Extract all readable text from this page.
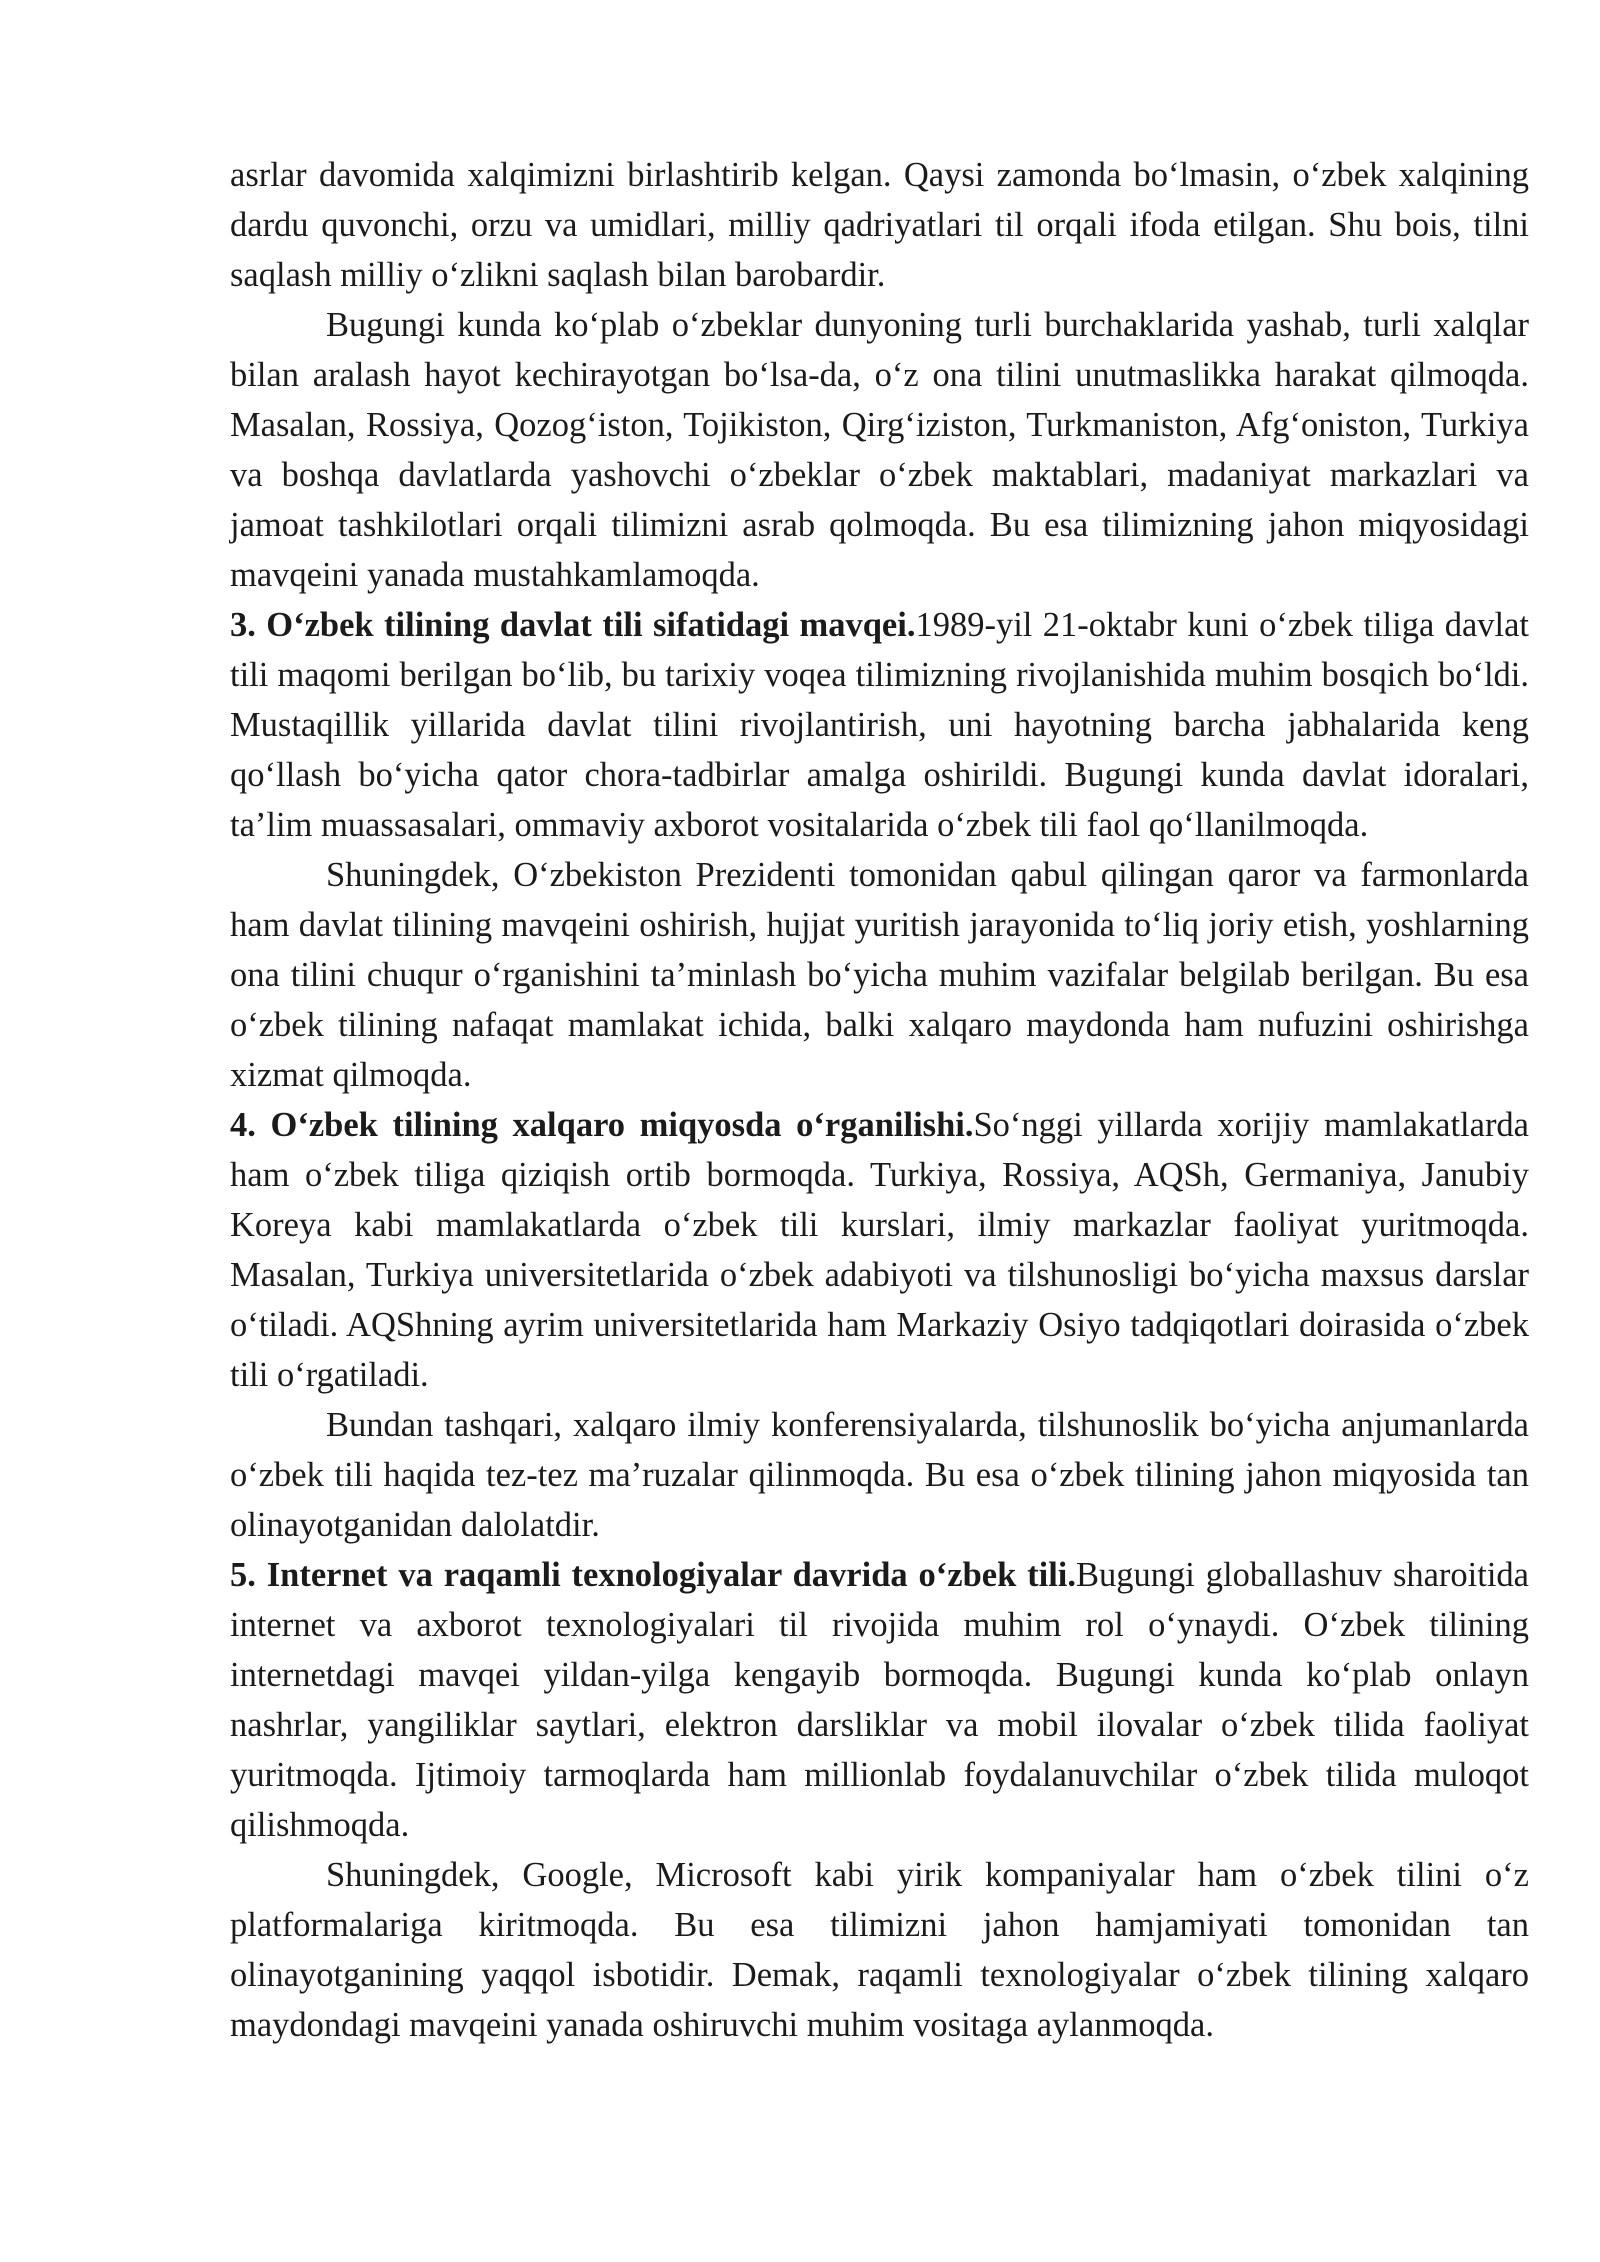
asrlar davomida xalqimizni birlashtirib kelgan. Qaysi zamonda boʻlmasin, oʻzbek xalqining dardu quvonchi, orzu va umidlari, milliy qadriyatlari til orqali ifoda etilgan. Shu bois, tilni saqlash milliy oʻzlikni saqlash bilan barobardir.

Bugungi kunda koʻplab oʻzbeklar dunyoning turli burchaklarida yashab, turli xalqlar bilan aralash hayot kechirayotgan boʻlsa-da, oʻz ona tilini unutmaslikka harakat qilmoqda. Masalan, Rossiya, Qozogʻiston, Tojikiston, Qirgʻiziston, Turkmaniston, Afgʻoniston, Turkiya va boshqa davlatlarda yashovchi oʻzbeklar oʻzbek maktablari, madaniyat markazlari va jamoat tashkilotlari orqali tilimizni asrab qolmoqda. Bu esa tilimizning jahon miqyosidagi mavqeini yanada mustahkamlamoqda.

3. Oʻzbek tilining davlat tili sifatidagi mavqei.1989-yil 21-oktabr kuni oʻzbek tiliga davlat tili maqomi berilgan boʻlib, bu tarixiy voqea tilimizning rivojlanishida muhim bosqich boʻldi. Mustaqillik yillarida davlat tilini rivojlantirish, uni hayotning barcha jabhalarida keng qoʻllash boʻyicha qator chora-tadbirlar amalga oshirildi. Bugungi kunda davlat idoralari, ta’lim muassasalari, ommaviy axborot vositalarida oʻzbek tili faol qoʻllanilmoqda.

Shuningdek, Oʻzbekiston Prezidenti tomonidan qabul qilingan qaror va farmonlarda ham davlat tilining mavqeini oshirish, hujjat yuritish jarayonida toʻliq joriy etish, yoshlarning ona tilini chuqur oʻrganishini ta’minlash boʻyicha muhim vazifalar belgilab berilgan. Bu esa oʻzbek tilining nafaqat mamlakat ichida, balki xalqaro maydonda ham nufuzini oshirishga xizmat qilmoqda.

4. Oʻzbek tilining xalqaro miqyosda oʻrganilishi.Soʻnggi yillarda xorijiy mamlakatlarda ham oʻzbek tiliga qiziqish ortib bormoqda. Turkiya, Rossiya, AQSh, Germaniya, Janubiy Koreya kabi mamlakatlarda oʻzbek tili kurslari, ilmiy markazlar faoliyat yuritmoqda. Masalan, Turkiya universitetlarida oʻzbek adabiyoti va tilshunosligi boʻyicha maxsus darslar oʻtiladi. AQShning ayrim universitetlarida ham Markaziy Osiyo tadqiqotlari doirasida oʻzbek tili oʻrgatiladi.

Bundan tashqari, xalqaro ilmiy konferensiyalarda, tilshunoslik boʻyicha anjumanlarda oʻzbek tili haqida tez-tez ma’ruzalar qilinmoqda. Bu esa oʻzbek tilining jahon miqyosida tan olinayotganidan dalolatdir.

5. Internet va raqamli texnologiyalar davrida oʻzbek tili.Bugungi globallashuv sharoitida internet va axborot texnologiyalari til rivojida muhim rol oʻynaydi. Oʻzbek tilining internetdagi mavqei yildan-yilga kengayib bormoqda. Bugungi kunda koʻplab onlayn nashrlar, yangiliklar saytlari, elektron darsliklar va mobil ilovalar oʻzbek tilida faoliyat yuritmoqda. Ijtimoiy tarmoqlarda ham millionlab foydalanuvchilar oʻzbek tilida muloqot qilishmoqda.

Shuningdek, Google, Microsoft kabi yirik kompaniyalar ham oʻzbek tilini oʻz platformalariga kiritmoqda. Bu esa tilimizni jahon hamjamiyati tomonidan tan olinayotganining yaqqol isbotidir. Demak, raqamli texnologiyalar oʻzbek tilining xalqaro maydondagi mavqeini yanada oshiruvchi muhim vositaga aylanmoqda.
